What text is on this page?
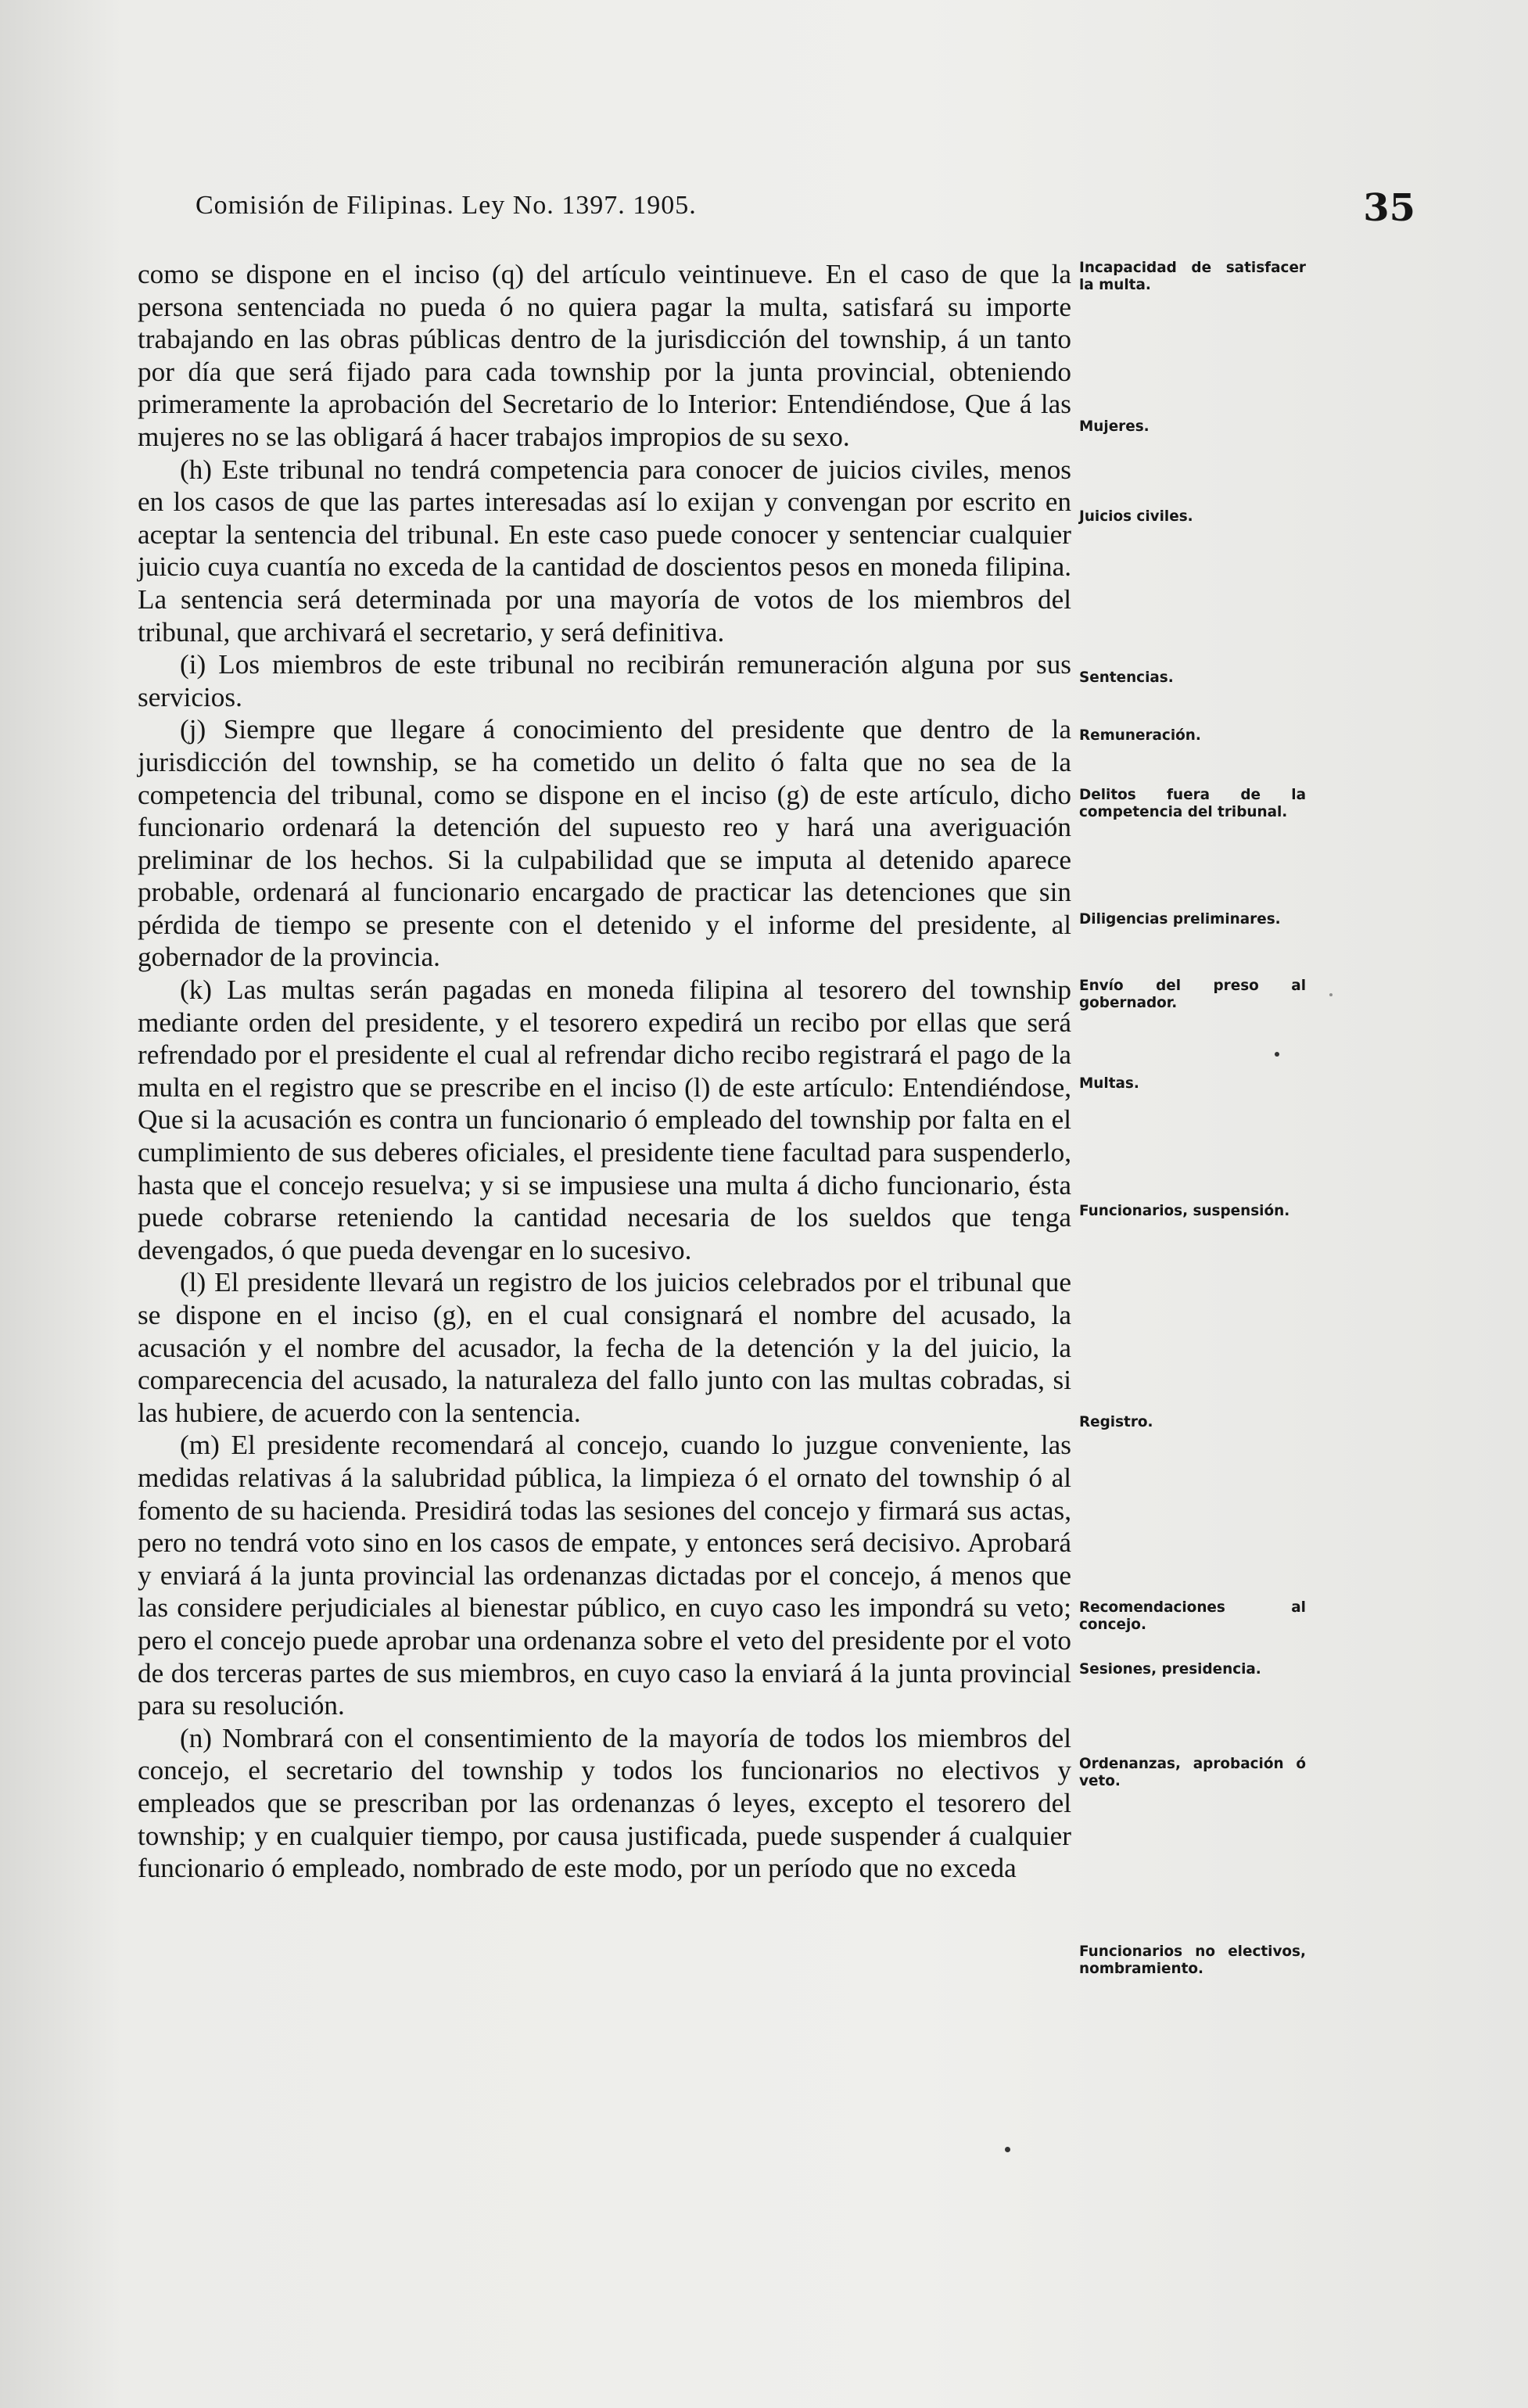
Comisión de Filipinas. Ley No. 1397. 1905.	35

como se dispone en el inciso (q) del artículo veintinueve. En el caso de que la persona sentenciada no pueda ó no quiera pagar la multa, satisfará su importe trabajando en las obras públicas dentro de la jurisdicción del township, á un tanto por día que será fijado para cada township por la junta provincial, obteniendo primeramente la aprobación del Secretario de lo Interior: Entendiéndose, Que á las mujeres no se las obligará á hacer trabajos impropios de su sexo.

(h) Este tribunal no tendrá competencia para conocer de juicios civiles, menos en los casos de que las partes interesadas así lo exijan y convengan por escrito en aceptar la sentencia del tribunal. En este caso puede conocer y sentenciar cualquier juicio cuya cuantía no exceda de la cantidad de doscientos pesos en moneda filipina. La sentencia será determinada por una mayoría de votos de los miembros del tribunal, que archivará el secretario, y será definitiva.

(i) Los miembros de este tribunal no recibirán remuneración alguna por sus servicios.

(j) Siempre que llegare á conocimiento del presidente que dentro de la jurisdicción del township, se ha cometido un delito ó falta que no sea de la competencia del tribunal, como se dispone en el inciso (g) de este artículo, dicho funcionario ordenará la detención del supuesto reo y hará una averiguación preliminar de los hechos. Si la culpabilidad que se imputa al detenido aparece probable, ordenará al funcionario encargado de practicar las detenciones que sin pérdida de tiempo se presente con el detenido y el informe del presidente, al gobernador de la provincia.

(k) Las multas serán pagadas en moneda filipina al tesorero del township mediante orden del presidente, y el tesorero expedirá un recibo por ellas que será refrendado por el presidente el cual al refrendar dicho recibo registrará el pago de la multa en el registro que se prescribe en el inciso (l) de este artículo: Entendiéndose, Que si la acusación es contra un funcionario ó empleado del township por falta en el cumplimiento de sus deberes oficiales, el presidente tiene facultad para suspenderlo, hasta que el concejo resuelva; y si se impusiese una multa á dicho funcionario, ésta puede cobrarse reteniendo la cantidad necesaria de los sueldos que tenga devengados, ó que pueda devengar en lo sucesivo.

(l) El presidente llevará un registro de los juicios celebrados por el tribunal que se dispone en el inciso (g), en el cual consignará el nombre del acusado, la acusación y el nombre del acusador, la fecha de la detención y la del juicio, la comparecencia del acusado, la naturaleza del fallo junto con las multas cobradas, si las hubiere, de acuerdo con la sentencia.

(m) El presidente recomendará al concejo, cuando lo juzgue conveniente, las medidas relativas á la salubridad pública, la limpieza ó el ornato del township ó al fomento de su hacienda. Presidirá todas las sesiones del concejo y firmará sus actas, pero no tendrá voto sino en los casos de empate, y entonces será decisivo. Aprobará y enviará á la junta provincial las ordenanzas dictadas por el concejo, á menos que las considere perjudiciales al bienestar público, en cuyo caso les impondrá su veto; pero el concejo puede aprobar una ordenanza sobre el veto del presidente por el voto de dos terceras partes de sus miembros, en cuyo caso la enviará á la junta provincial para su resolución.

(n) Nombrará con el consentimiento de la mayoría de todos los miembros del concejo, el secretario del township y todos los funcionarios no electivos y empleados que se prescriban por las ordenanzas ó leyes, excepto el tesorero del township; y en cualquier tiempo, por causa justificada, puede suspender á cualquier funcionario ó empleado, nombrado de este modo, por un período que no exceda

Incapacidad de satisfacer la multa.
Mujeres.
Juicios civiles.
Sentencias.
Remuneración.
Delitos fuera de la competencia del tribunal.
Diligencias preliminares.
Envío del preso al gobernador.
Multas.
Funcionarios, suspensión.
Registro.
Recomendaciones al concejo.
Sesiones, presidencia.
Ordenanzas, aprobación ó veto.
Funcionarios no electivos, nombramiento.
